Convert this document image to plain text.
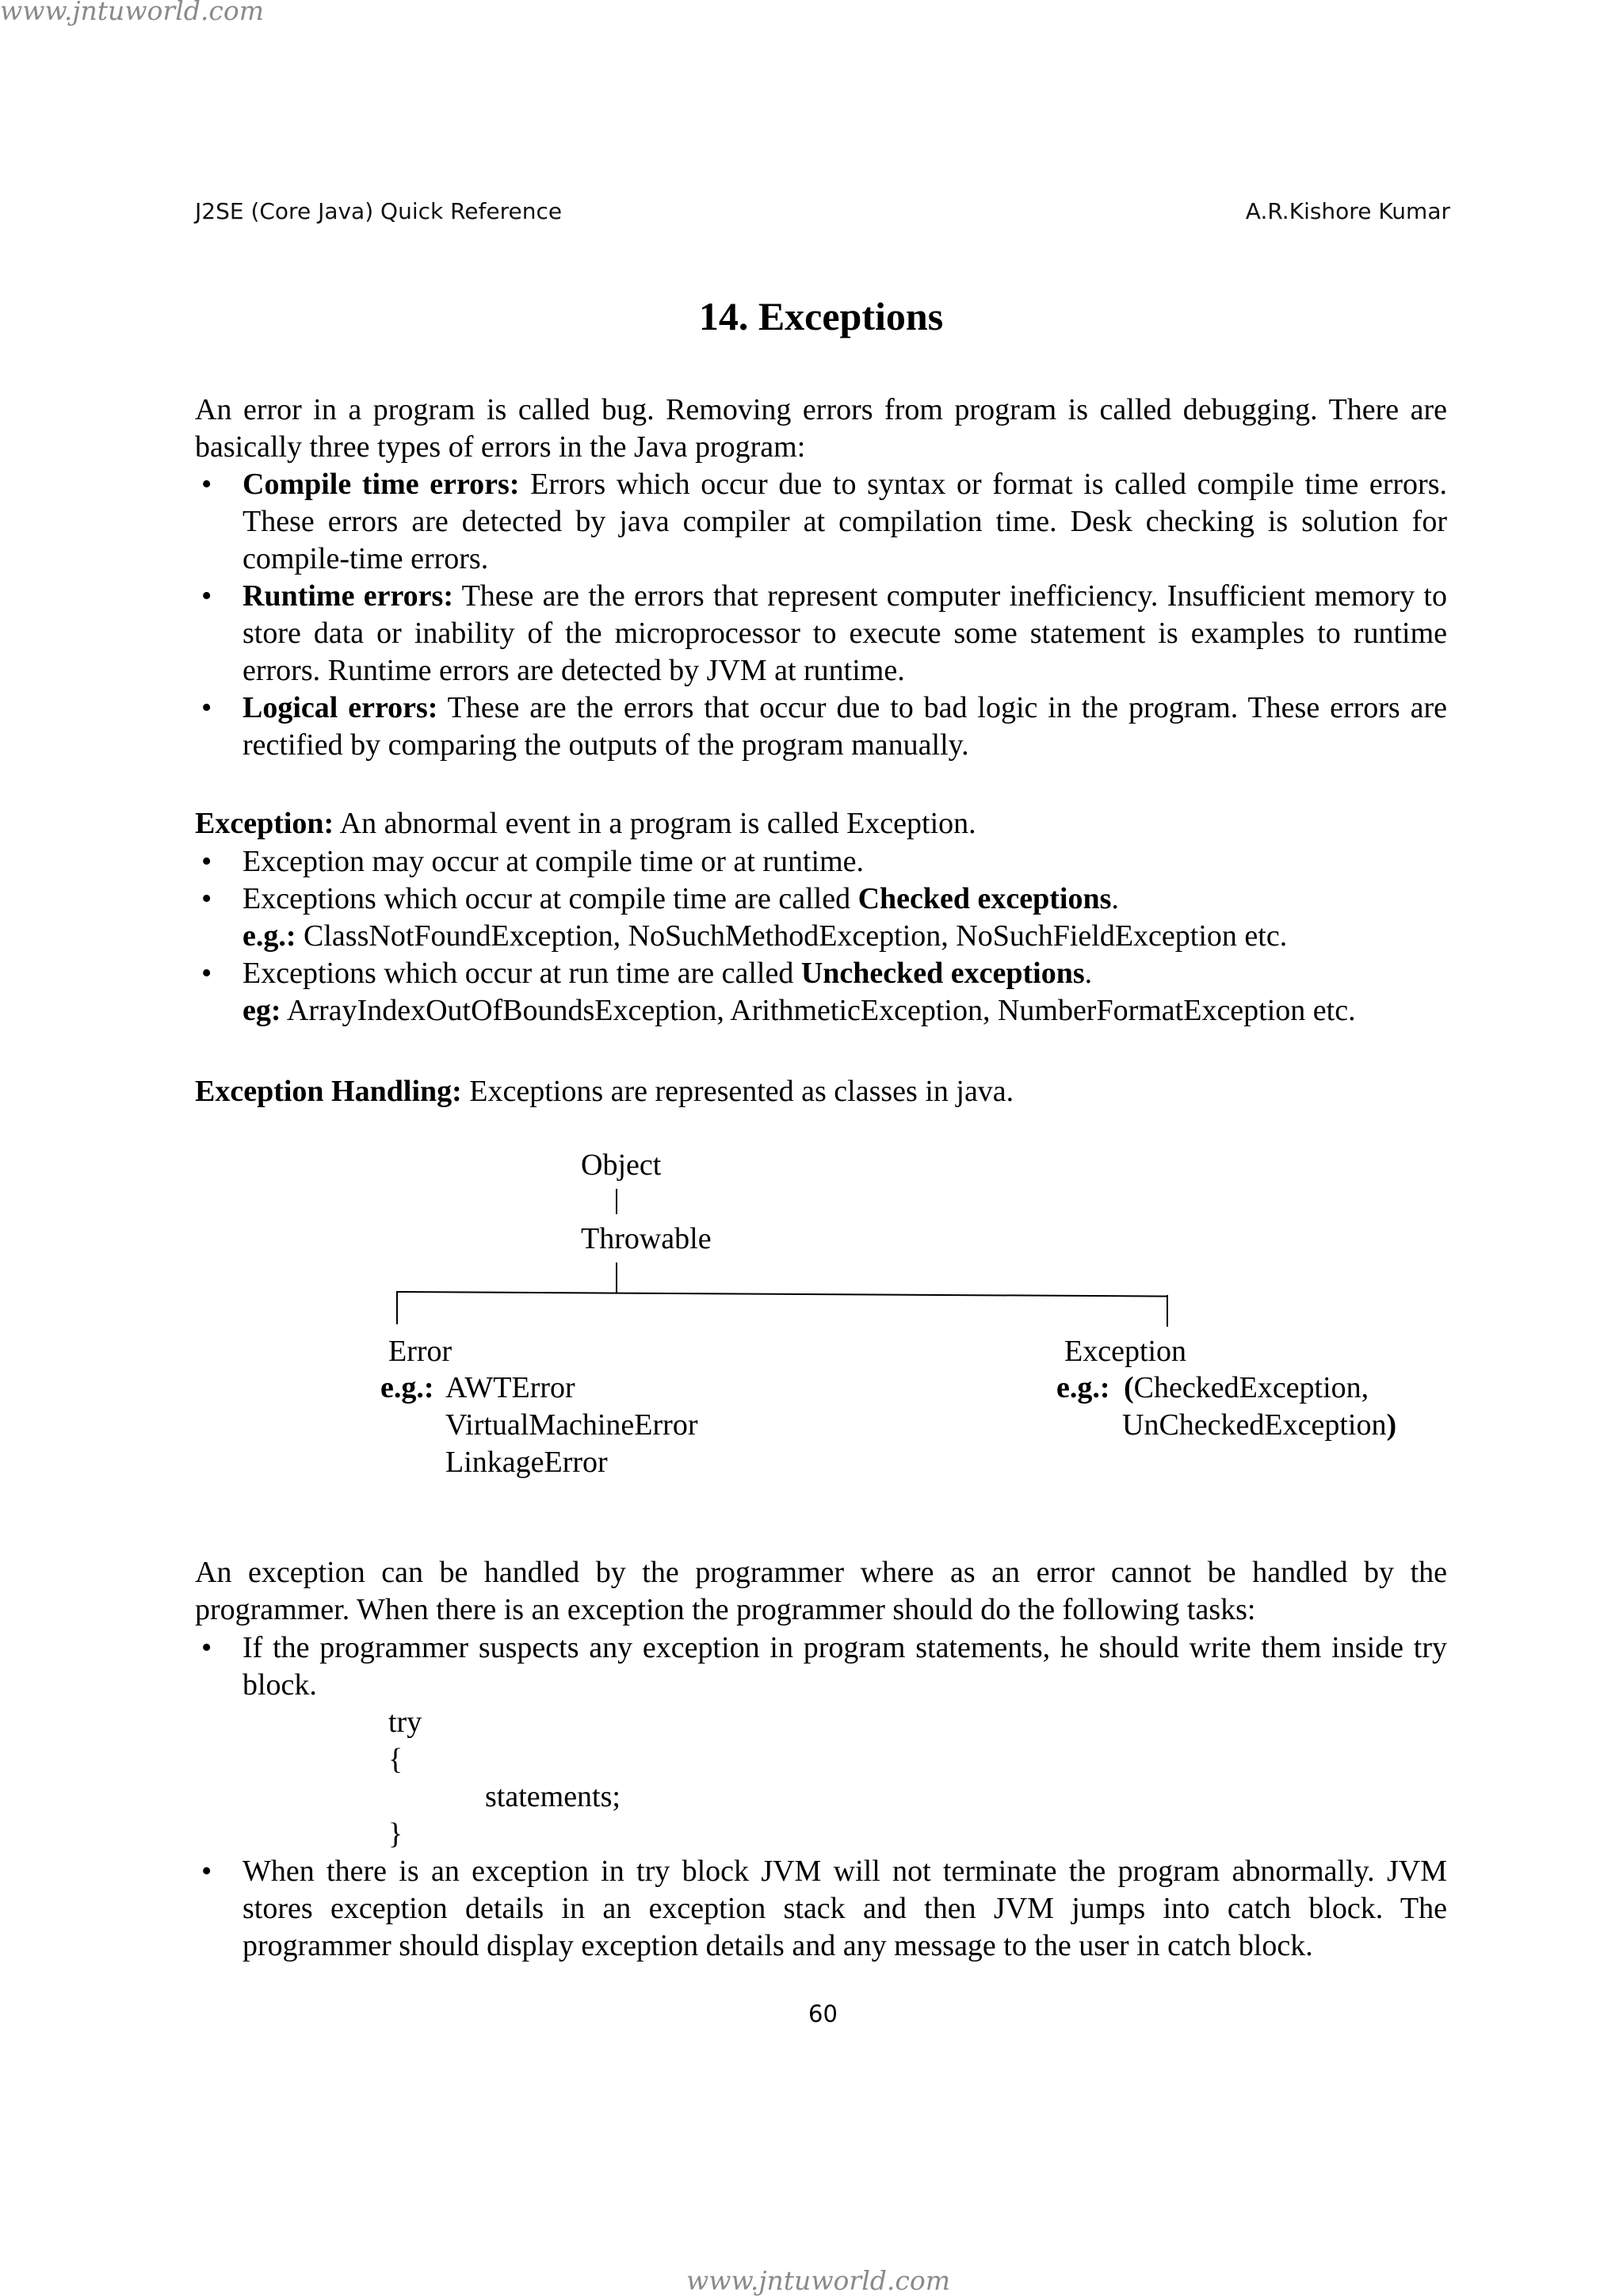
www.jntuworld.com
J2SE (Core Java) Quick Reference	A.R.Kishore Kumar
14. Exceptions
An error in a program is called bug. Removing errors from program is called debugging. There are basically three types of errors in the Java program:
• Compile time errors: Errors which occur due to syntax or format is called compile time errors. These errors are detected by java compiler at compilation time. Desk checking is solution for compile-time errors.
• Runtime errors: These are the errors that represent computer inefficiency. Insufficient memory to store data or inability of the microprocessor to execute some statement is examples to runtime errors. Runtime errors are detected by JVM at runtime.
• Logical errors: These are the errors that occur due to bad logic in the program. These errors are rectified by comparing the outputs of the program manually.
Exception: An abnormal event in a program is called Exception.
• Exception may occur at compile time or at runtime.
• Exceptions which occur at compile time are called Checked exceptions.
e.g.: ClassNotFoundException, NoSuchMethodException, NoSuchFieldException etc.
• Exceptions which occur at run time are called Unchecked exceptions.
eg: ArrayIndexOutOfBoundsException, ArithmeticException, NumberFormatException etc.
Exception Handling: Exceptions are represented as classes in java.
Object
Throwable
Error
e.g.: AWTError
VirtualMachineError
LinkageError
Exception
e.g.: (CheckedException,
UnCheckedException)
An exception can be handled by the programmer where as an error cannot be handled by the programmer. When there is an exception the programmer should do the following tasks:
• If the programmer suspects any exception in program statements, he should write them inside try block.
try
{
statements;
}
• When there is an exception in try block JVM will not terminate the program abnormally. JVM stores exception details in an exception stack and then JVM jumps into catch block. The programmer should display exception details and any message to the user in catch block.
60
www.jntuworld.com
